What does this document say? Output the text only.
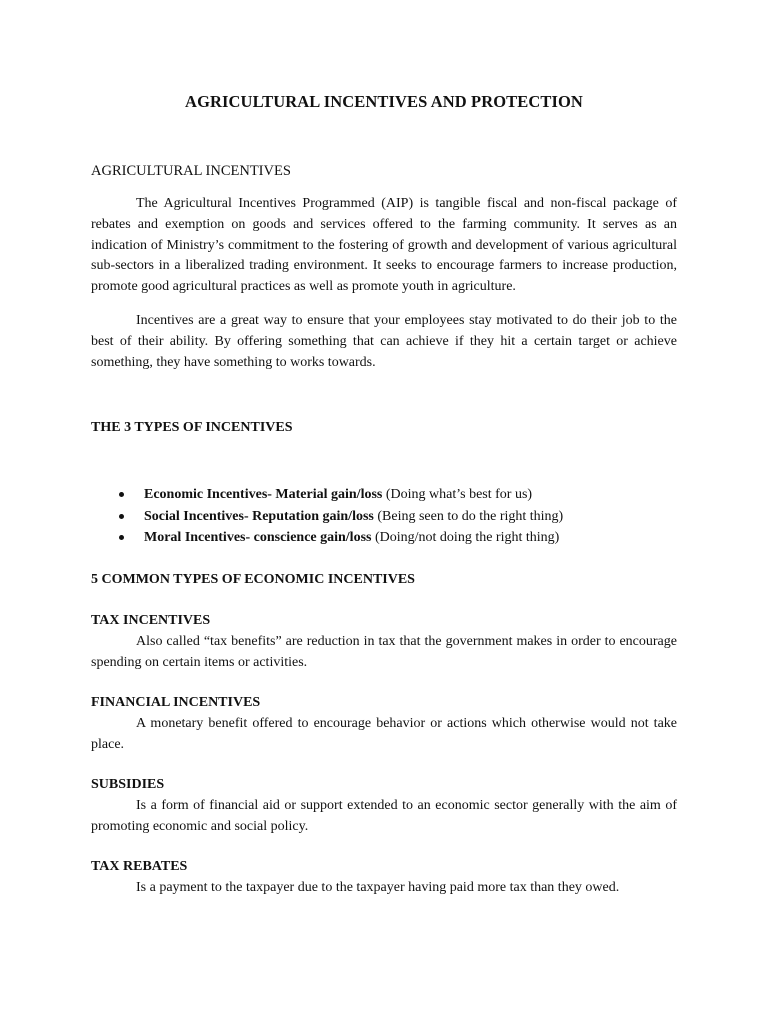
AGRICULTURAL INCENTIVES AND PROTECTION
AGRICULTURAL INCENTIVES

The Agricultural Incentives Programmed (AIP) is tangible fiscal and non-fiscal package of rebates and exemption on goods and services offered to the farming community. It serves as an indication of Ministry’s commitment to the fostering of growth and development of various agricultural sub-sectors in a liberalized trading environment. It seeks to encourage farmers to increase production, promote good agricultural practices as well as promote youth in agriculture.

Incentives are a great way to ensure that your employees stay motivated to do their job to the best of their ability. By offering something that can achieve if they hit a certain target or achieve something, they have something to works towards.

THE 3 TYPES OF INCENTIVES
Economic Incentives- Material gain/loss (Doing what’s best for us)
Social Incentives- Reputation gain/loss (Being seen to do the right thing)
Moral Incentives- conscience gain/loss (Doing/not doing the right thing)
5 COMMON TYPES OF ECONOMIC INCENTIVES
TAX INCENTIVES

Also called “tax benefits” are reduction in tax that the government makes in order to encourage spending on certain items or activities.

FINANCIAL INCENTIVES

A monetary benefit offered to encourage behavior or actions which otherwise would not take place.

SUBSIDIES

Is a form of financial aid or support extended to an economic sector generally with the aim of promoting economic and social policy.

TAX REBATES

Is a payment to the taxpayer due to the taxpayer having paid more tax than they owed.
